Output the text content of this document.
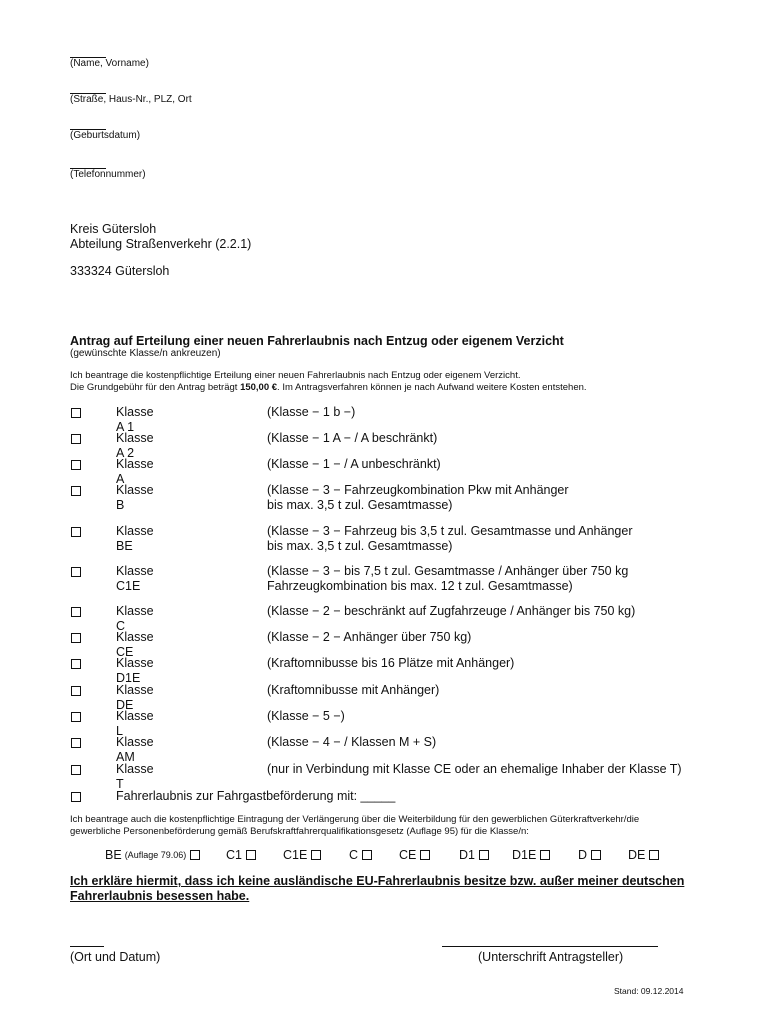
(Name, Vorname)
(Straße, Haus-Nr., PLZ, Ort
(Geburtsdatum)
(Telefonnummer)
Kreis Gütersloh
Abteilung Straßenverkehr (2.2.1)
333324 Gütersloh
Antrag auf Erteilung einer neuen Fahrerlaubnis nach Entzug oder eigenem Verzicht
(gewünschte Klasse/n ankreuzen)
Ich beantrage die kostenpflichtige Erteilung einer neuen Fahrerlaubnis nach Entzug oder eigenem Verzicht.
Die Grundgebühr für den Antrag beträgt 150,00 €. Im Antragsverfahren können je nach Aufwand weitere Kosten entstehen.
Klasse A 1
(Klasse − 1 b −)
Klasse A 2
(Klasse − 1 A − / A beschränkt)
Klasse A
(Klasse − 1 − / A unbeschränkt)
Klasse B
(Klasse − 3 − Fahrzeugkombination Pkw mit Anhänger
bis max. 3,5 t zul. Gesamtmasse)
Klasse BE
(Klasse − 3 − Fahrzeug bis 3,5 t zul. Gesamtmasse und Anhänger
bis max. 3,5 t zul. Gesamtmasse)
Klasse C1E
(Klasse − 3 − bis 7,5 t zul. Gesamtmasse / Anhänger über 750 kg
Fahrzeugkombination bis max. 12 t zul. Gesamtmasse)
Klasse C
(Klasse − 2 − beschränkt auf Zugfahrzeuge / Anhänger bis 750 kg)
Klasse CE
(Klasse − 2 − Anhänger über 750 kg)
Klasse D1E
(Kraftomnibusse bis 16 Plätze mit Anhänger)
Klasse DE
(Kraftomnibusse mit Anhänger)
Klasse L
(Klasse − 5 −)
Klasse AM
(Klasse − 4 − / Klassen M + S)
Klasse T
(nur in Verbindung mit Klasse CE oder an ehemalige Inhaber der Klasse T)
Fahrerlaubnis zur Fahrgastbeförderung mit: _____
Ich beantrage auch die kostenpflichtige Eintragung der Verlängerung über die Weiterbildung für den gewerblichen Güterkraftverkehr/die
gewerbliche Personenbeförderung gemäß Berufskraftfahrerqualifikationsgesetz (Auflage 95) für die Klasse/n:
BE (Auflage 79.06)	C1	C1E	C	CE	D1	D1E	D	DE
Ich erkläre hiermit, dass ich keine ausländische EU-Fahrerlaubnis besitze bzw. außer meiner deutschen
Fahrerlaubnis besessen habe.
(Ort und Datum)	(Unterschrift Antragsteller)
Stand: 09.12.2014
